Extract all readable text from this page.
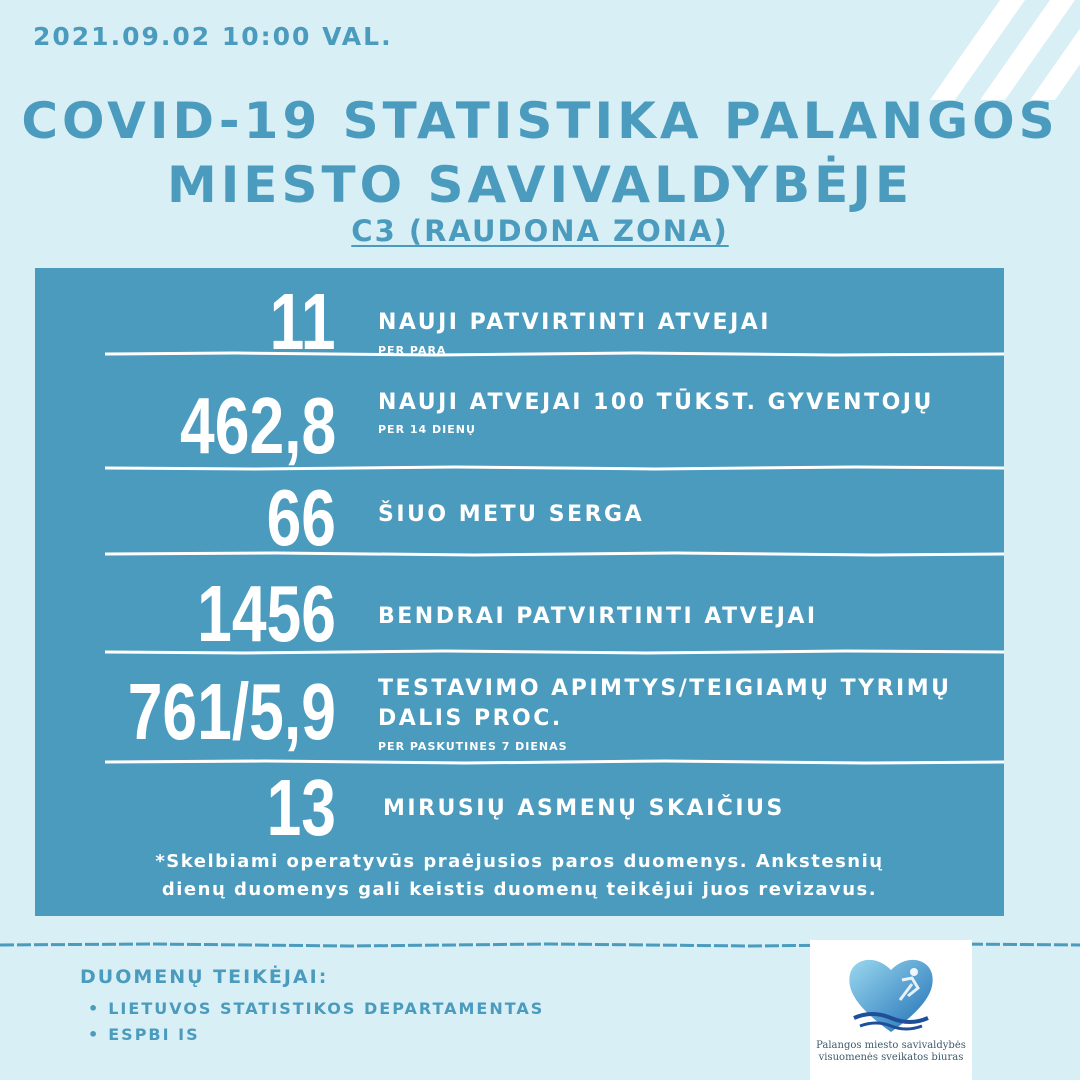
2021.09.02 10:00 VAL.
COVID-19 STATISTIKA PALANGOS
MIESTO SAVIVALDYBĖJE
C3 (RAUDONA ZONA)
11 NAUJI PATVIRTINTI ATVEJAI
PER PARĄ
462,8 NAUJI ATVEJAI 100 TŪKST. GYVENTOJŲ
PER 14 DIENŲ
66 ŠIUO METU SERGA
1456 BENDRAI PATVIRTINTI ATVEJAI
761/5,9 TESTAVIMO APIMTYS/TEIGIAMŲ TYRIMŲ
DALIS PROC.
PER PASKUTINES 7 DIENAS
13 MIRUSIŲ ASMENŲ SKAIČIUS
*Skelbiami operatyvūs praėjusios paros duomenys. Ankstesnių
dienų duomenys gali keistis duomenų teikėjui juos revizavus.
DUOMENŲ TEIKĖJAI:
• LIETUVOS STATISTIKOS DEPARTAMENTAS
• ESPBI IS
Palangos miesto savivaldybės
visuomenės sveikatos biuras
